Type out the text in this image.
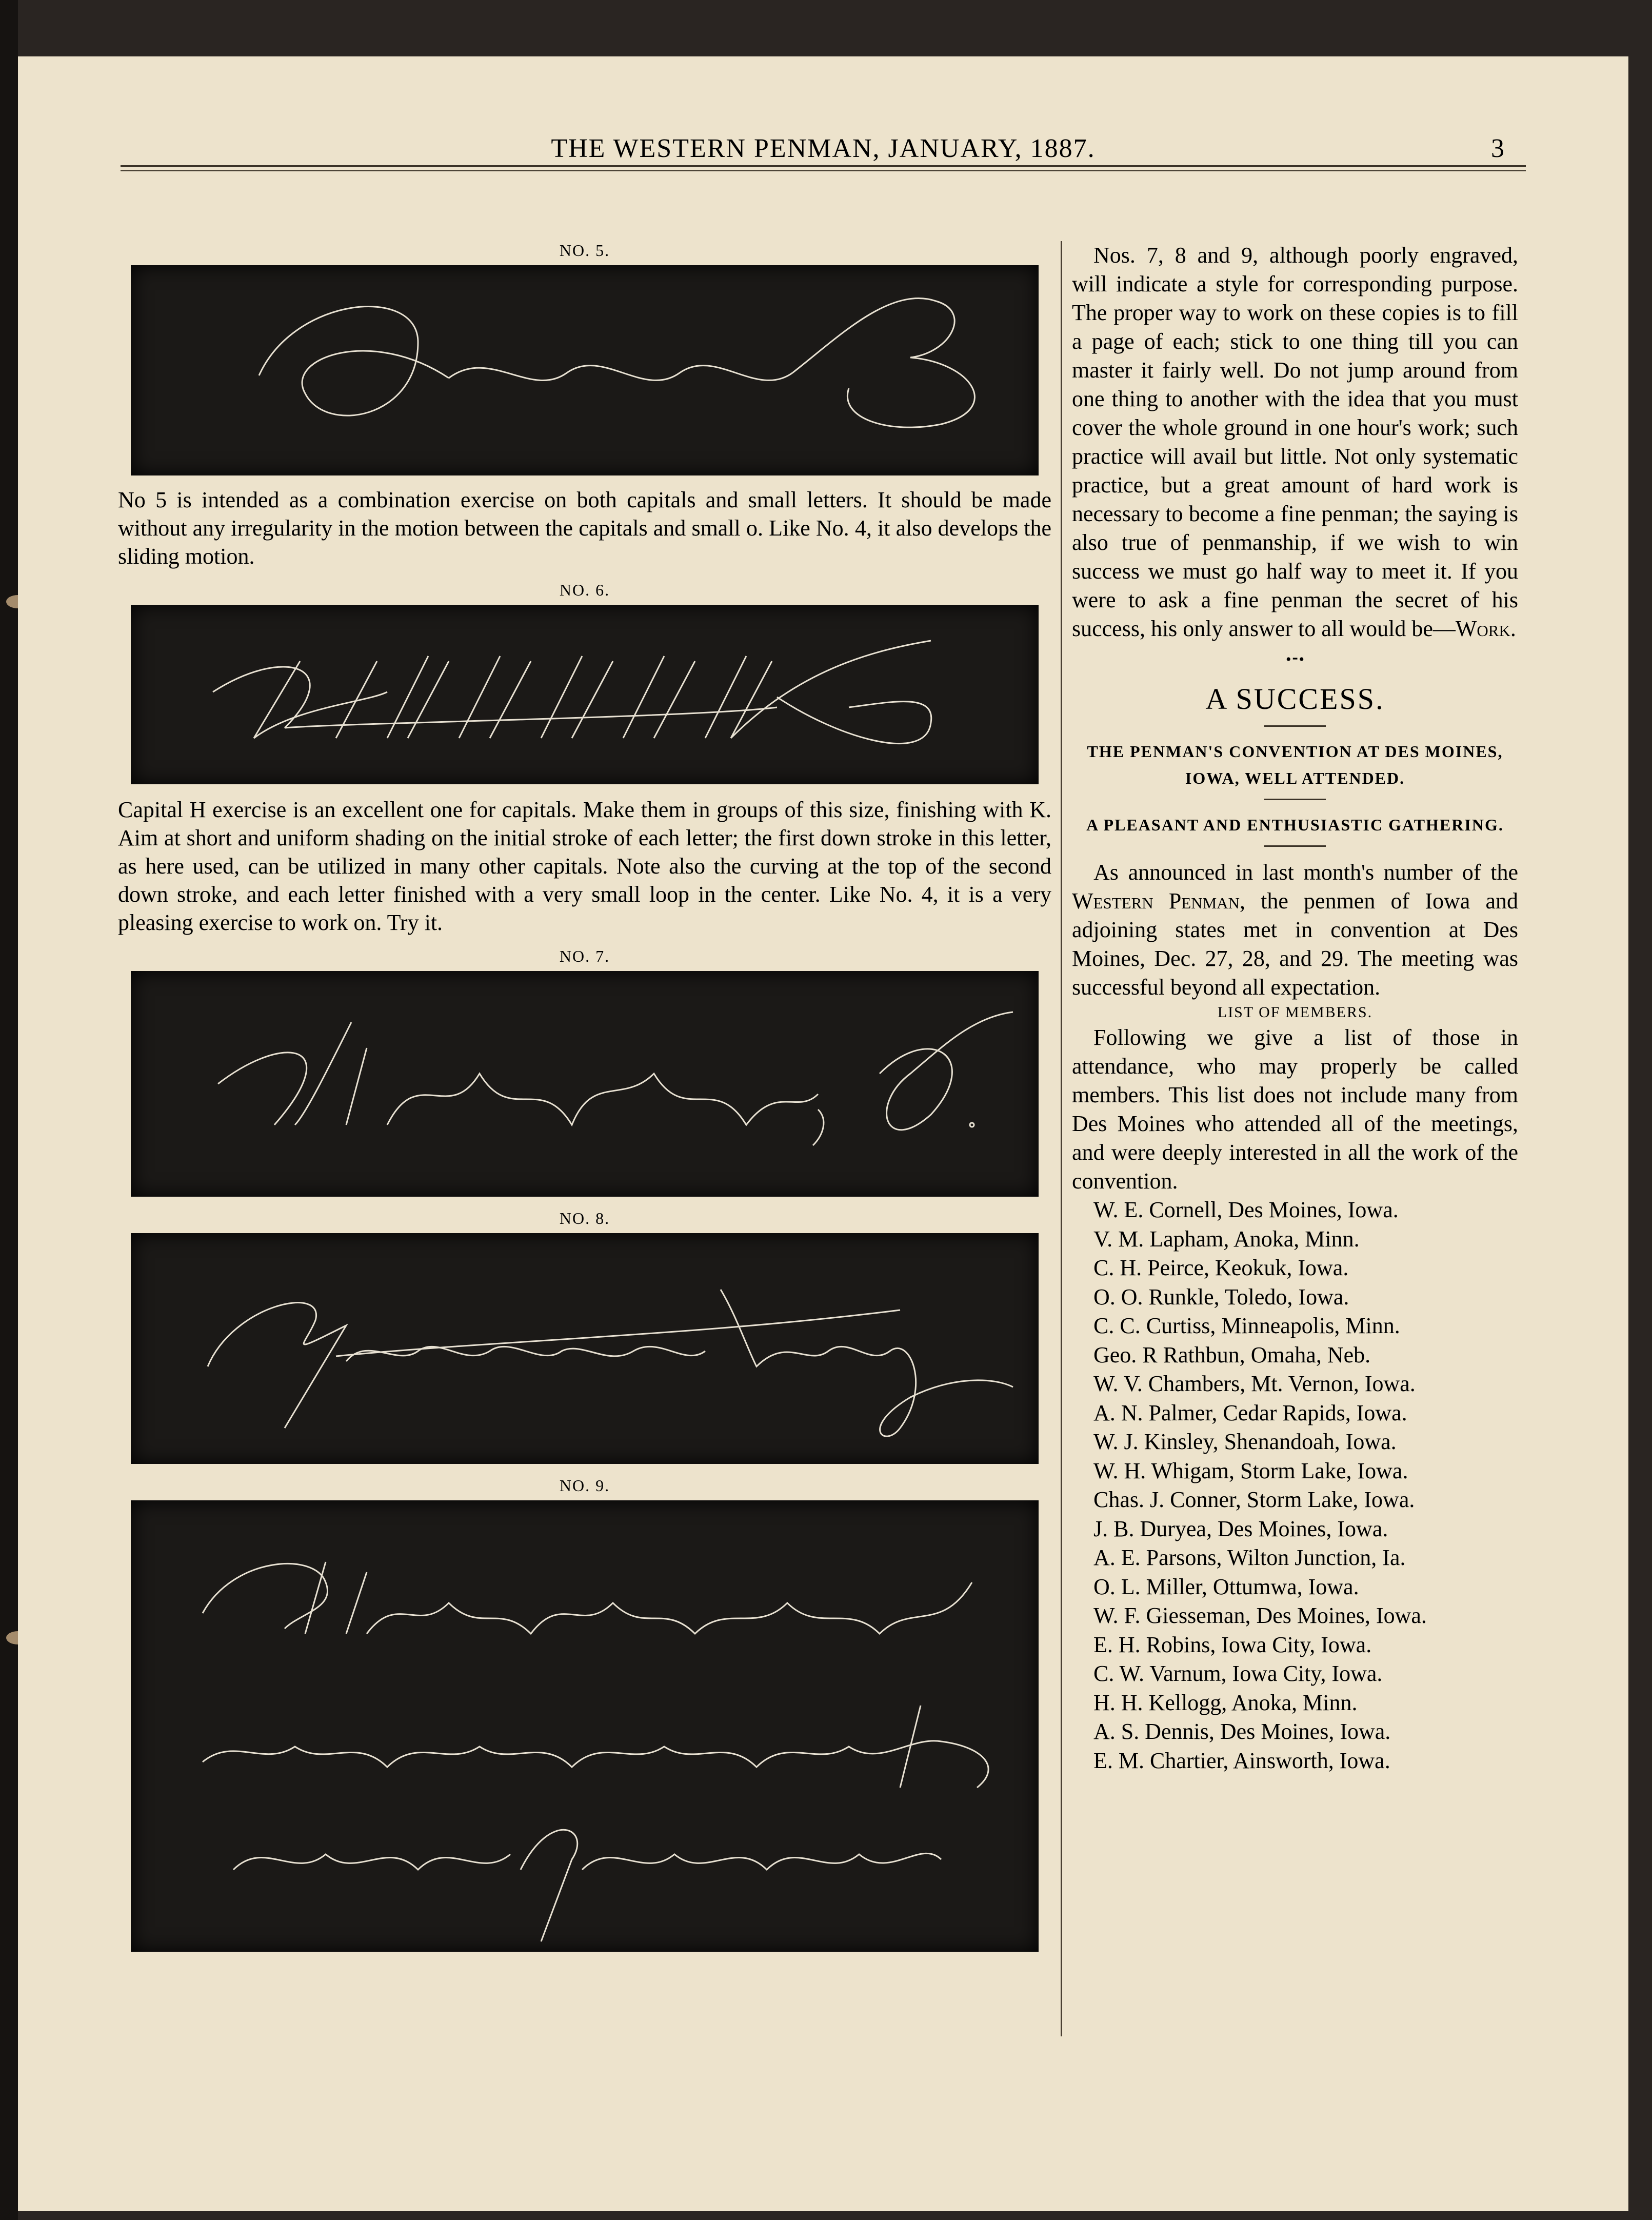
THE WESTERN PENMAN, JANUARY, 1887.	3

NO. 5.

No 5 is intended as a combination exercise on both capitals and small letters. It should be made without any irregularity in the motion between the capitals and small o. Like No. 4, it also develops the sliding motion.

NO. 6.

Capital H exercise is an excellent one for capitals. Make them in groups of this size, finishing with K. Aim at short and uniform shading on the initial stroke of each letter; the first down stroke in this letter, as here used, can be utilized in many other capitals. Note also the curving at the top of the second down stroke, and each letter finished with a very small loop in the center. Like No. 4, it is a very pleasing exercise to work on. Try it.

NO. 7.

NO. 8.

NO. 9.

Nos. 7, 8 and 9, although poorly engraved, will indicate a style for corresponding purpose. The proper way to work on these copies is to fill a page of each; stick to one thing till you can master it fairly well. Do not jump around from one thing to another with the idea that you must cover the whole ground in one hour's work; such practice will avail but little. Not only systematic practice, but a great amount of hard work is necessary to become a fine penman; the saying is also true of penmanship, if we wish to win success we must go half way to meet it. If you were to ask a fine penman the secret of his success, his only answer to all would be—Work.

•⁃•

A SUCCESS.

THE PENMAN'S CONVENTION AT DES MOINES, IOWA, WELL ATTENDED.

A PLEASANT AND ENTHUSIASTIC GATHERING.

As announced in last month's number of the Western Penman, the penmen of Iowa and adjoining states met in convention at Des Moines, Dec. 27, 28, and 29. The meeting was successful beyond all expectation.

LIST OF MEMBERS.

Following we give a list of those in attendance, who may properly be called members. This list does not include many from Des Moines who attended all of the meetings, and were deeply interested in all the work of the convention.

W. E. Cornell, Des Moines, Iowa.

V. M. Lapham, Anoka, Minn.

C. H. Peirce, Keokuk, Iowa.

O. O. Runkle, Toledo, Iowa.

C. C. Curtiss, Minneapolis, Minn.

Geo. R Rathbun, Omaha, Neb.

W. V. Chambers, Mt. Vernon, Iowa.

A. N. Palmer, Cedar Rapids, Iowa.

W. J. Kinsley, Shenandoah, Iowa.

W. H. Whigam, Storm Lake, Iowa.

Chas. J. Conner, Storm Lake, Iowa.

J. B. Duryea, Des Moines, Iowa.

A. E. Parsons, Wilton Junction, Ia.

O. L. Miller, Ottumwa, Iowa.

W. F. Giesseman, Des Moines, Iowa.

E. H. Robins, Iowa City, Iowa.

C. W. Varnum, Iowa City, Iowa.

H. H. Kellogg, Anoka, Minn.

A. S. Dennis, Des Moines, Iowa.

E. M. Chartier, Ainsworth, Iowa.
